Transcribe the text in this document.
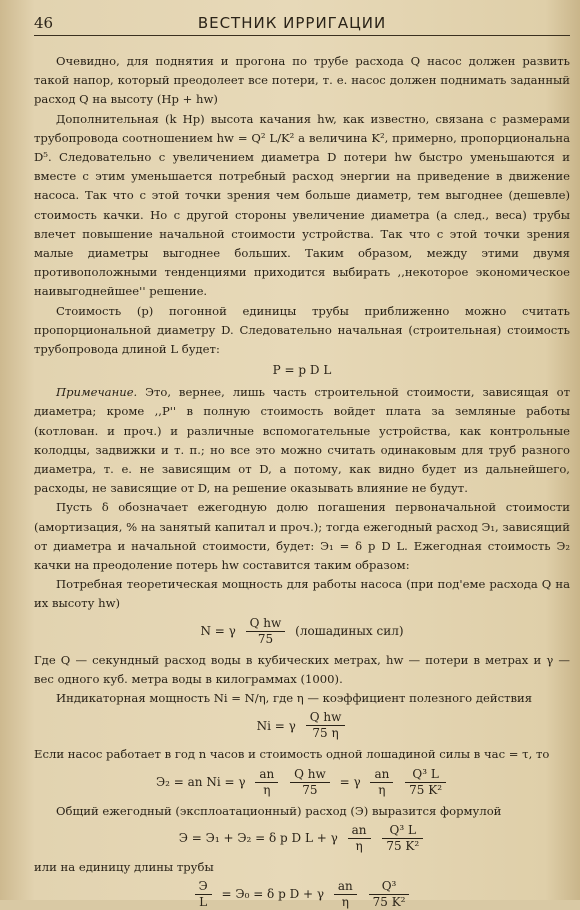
46	ВЕСТНИК ИРРИГАЦИИ

Очевидно, для поднятия и прогона по трубе расхода Q насос должен развить такой напор, который преодолеет все потери, т. е. насос должен поднимать заданный расход Q на высоту (Hp + hw)

Дополнительная (k Hp) высота качания hw, как известно, связана с размерами трубопровода соотношением hw = Q² L/K² а величина K², примерно, пропорциональна D⁵. Следовательно с увеличением диаметра D потери hw быстро уменьшаются и вместе с этим уменьшается потребный расход энергии на приведение в движение насоса. Так что с этой точки зрения чем больше диаметр, тем выгоднее (дешевле) стоимость качки. Но с другой стороны увеличение диаметра (а след., веса) трубы влечет повышение начальной стоимости устройства. Так что с этой точки зрения малые диаметры выгоднее больших. Таким образом, между этими двумя противоположными тенденциями приходится выбирать ,,некоторое экономическое наивыгоднейшее'' решение.

Стоимость (p) погонной единицы трубы приближенно можно считать пропорциональной диаметру D. Следовательно начальная (строительная) стоимость трубопровода длиной L будет:

P = p D L

Примечание. Это, вернее, лишь часть строительной стоимости, зависящая от диаметра; кроме ,,P'' в полную стоимость войдет плата за земляные работы (котлован. и проч.) и различные вспомогательные устройства, как контрольные колодцы, задвижки и т. п.; но все это можно считать одинаковым для труб разного диаметра, т. е. не зависящим от D, а потому, как видно будет из дальнейшего, расходы, не зависящие от D, на решение оказывать влияние не будут.

Пусть δ обозначает ежегодную долю погашения первоначальной стоимости (амортизация, % на занятый капитал и проч.); тогда ежегодный расход Э₁, зависящий от диаметра и начальной стоимости, будет: Э₁ = δ p D L. Ежегодная стоимость Э₂ качки на преодоление потерь hw составится таким образом:

Потребная теоретическая мощность для работы насоса (при под'еме расхода Q на их высоту hw)

N = γ $\frac{\text{Q hw}}{75}$ (лошадиных сил)

Где Q — секундный расход воды в кубических метрах, hw — потери в метрах и γ — вес одного куб. метра воды в килограммах (1000).

Индикаторная мощность Ni = N/η, где η — коэффициент полезного действия

Ni = γ $\frac{\text{Q hw}}{75 \eta}$

Если насос работает в год n часов и стоимость одной лошадиной силы в час = τ, то

Э₂ = an Ni = γ $\frac{an}{\eta}$
$\frac{\text{Q hw}}{75} = \gamma \frac{an}{\eta}$
$\frac{\text{Q³ L}}{\text{75 K²}}$

Общий ежегодный (эксплоатационный) расход (Э) выразится формулой

Э = Э₁ + Э₂ = δ p D L + γ $\frac{an}{\eta}$
$\frac{\text{Q³ L}}{\text{75 K²}}$

или на единицу длины трубы

$\frac{Э}{L} = Э_0 = \delta$ p D + γ $\frac{an}{\eta}$
$\frac{\text{Q³}}{\text{75 K²}}$
